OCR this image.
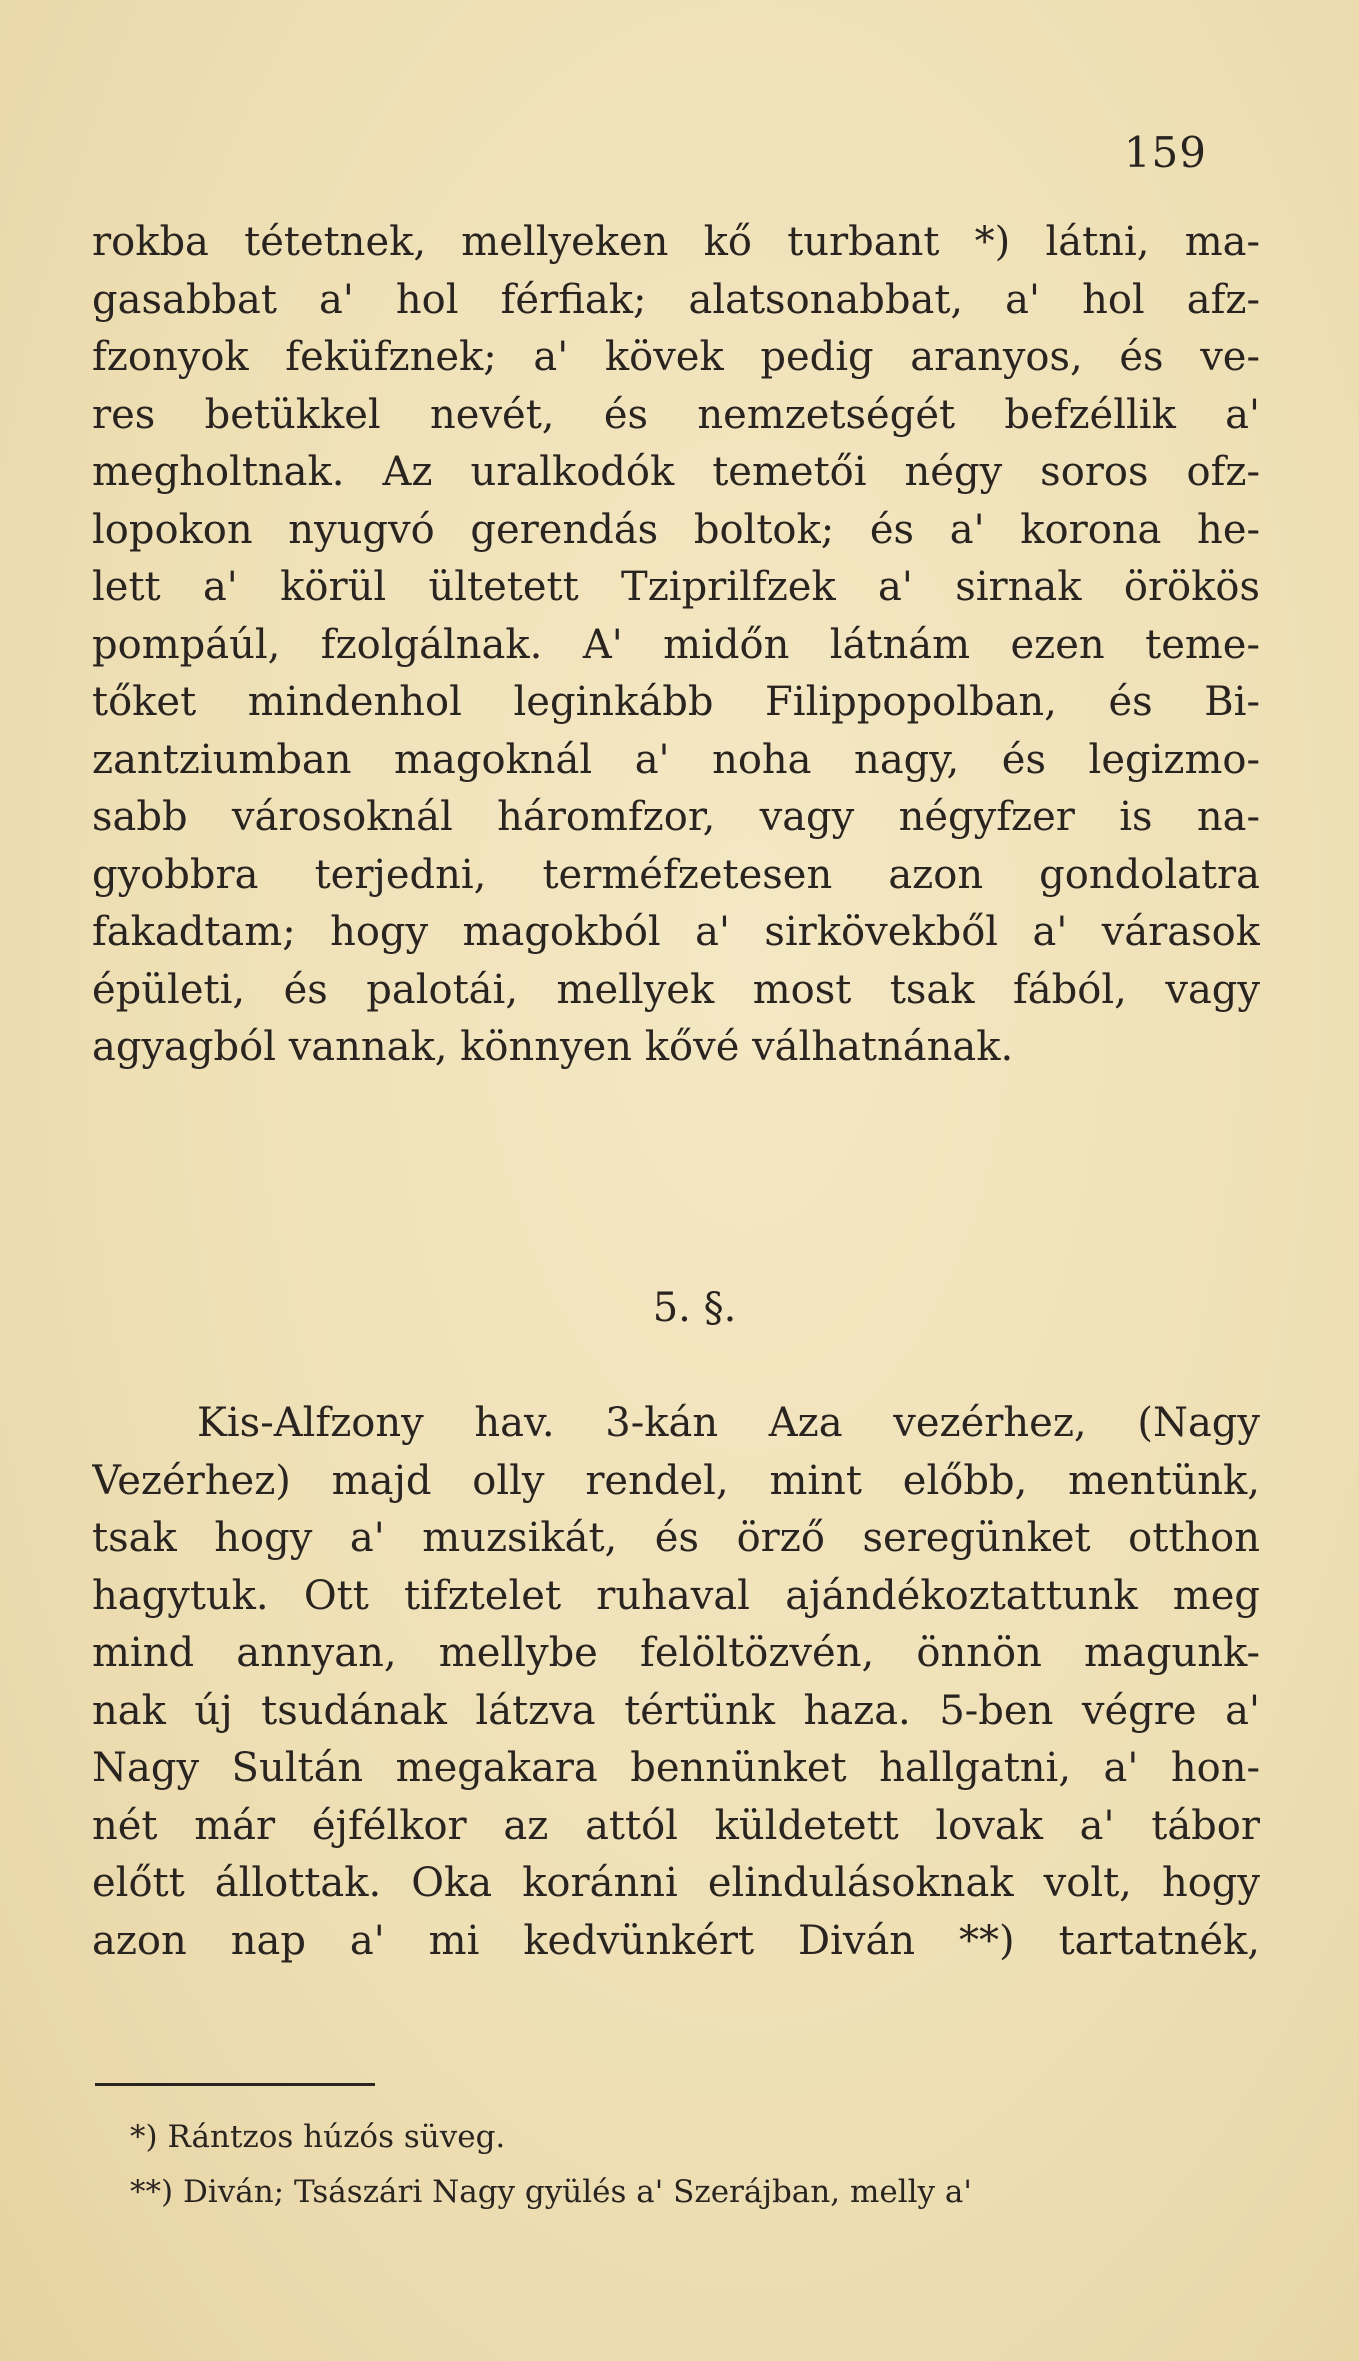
159
rokba tétetnek, mellyeken kő turbant *) látni, ma-
gasabbat a' hol férfiak; alatsonabbat, a' hol afz-
fzonyok feküfznek; a' kövek pedig aranyos, és ve-
res betükkel nevét, és nemzetségét befzéllik a'
megholtnak. Az uralkodók temetői négy soros ofz-
lopokon nyugvó gerendás boltok; és a' korona he-
lett a' körül ültetett Tziprilfzek a' sirnak örökös
pompáúl, fzolgálnak. A' midőn látnám ezen teme-
tőket mindenhol leginkább Filippopolban, és Bi-
zantziumban magoknál a' noha nagy, és legizmo-
sabb városoknál háromfzor, vagy négyfzer is na-
gyobbra terjedni, terméfzetesen azon gondolatra
fakadtam; hogy magokból a' sirkövekből a' várasok
épületi, és palotái, mellyek most tsak fából, vagy
agyagból vannak, könnyen kővé válhatnának.
5. §.
Kis-Alfzony hav. 3-kán Aza vezérhez, (Nagy
Vezérhez) majd olly rendel, mint előbb, mentünk,
tsak hogy a' muzsikát, és örző seregünket otthon
hagytuk. Ott tifztelet ruhaval ajándékoztattunk meg
mind annyan, mellybe felöltözvén, önnön magunk-
nak új tsudának látzva tértünk haza. 5-ben végre a'
Nagy Sultán megakara bennünket hallgatni, a' hon-
nét már éjfélkor az attól küldetett lovak a' tábor
előtt állottak. Oka koránni elindulásoknak volt, hogy
azon nap a' mi kedvünkért Diván **) tartatnék,
*) Rántzos húzós süveg.
**) Diván; Tsászári Nagy gyülés a' Szerájban, melly a'
